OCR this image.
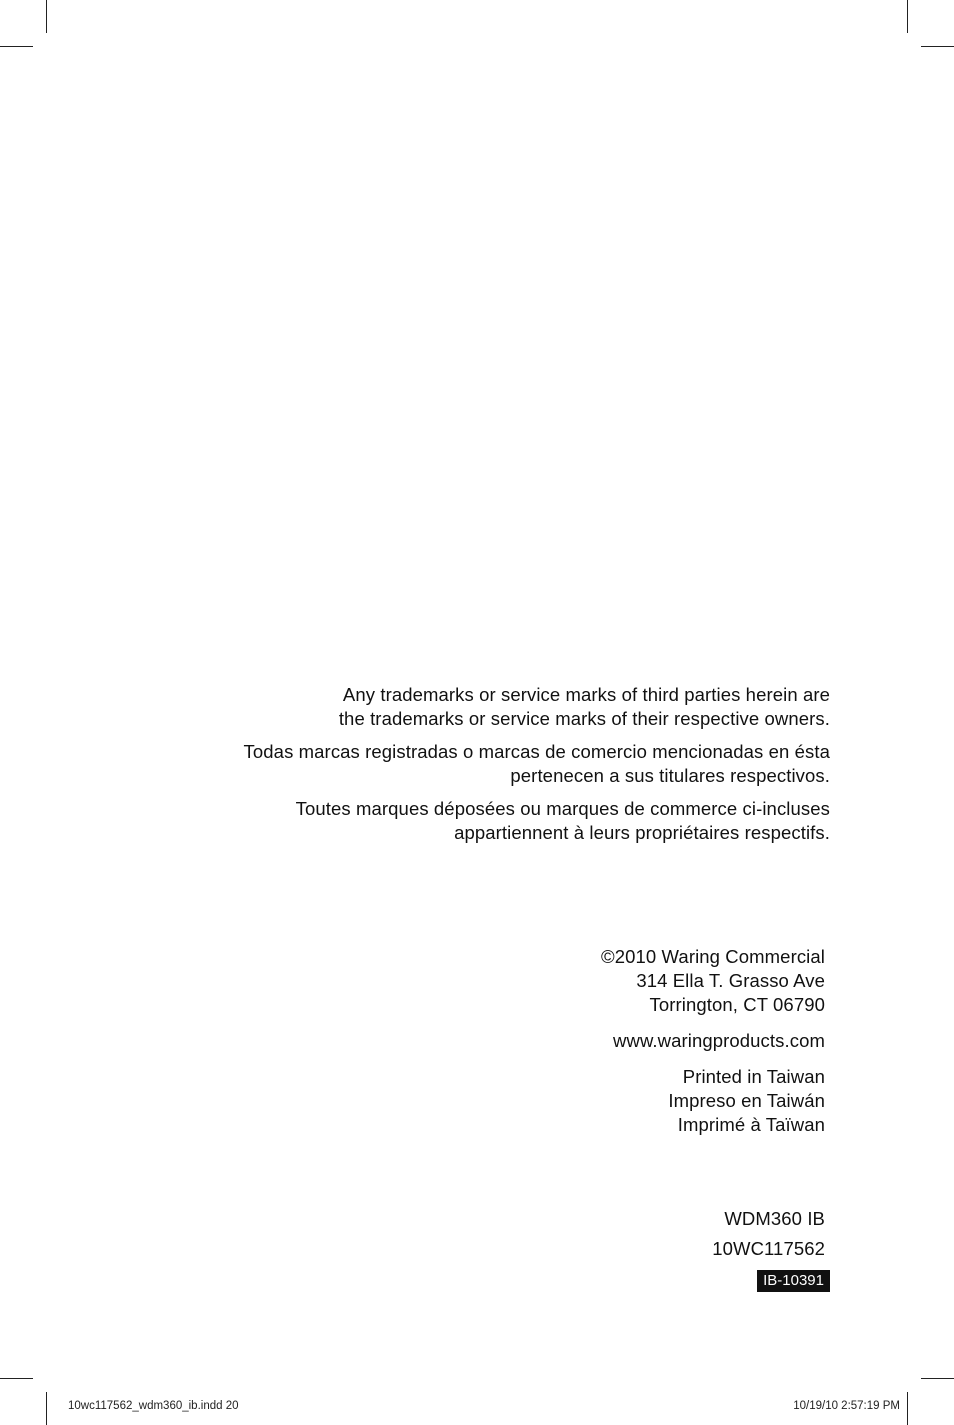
Any trademarks or service marks of third parties herein are

the trademarks or service marks of their respective owners.

Todas marcas registradas o marcas de comercio mencionadas en ésta

pertenecen a sus titulares respectivos.

Toutes marques déposées ou marques de commerce ci-incluses

appartiennent à leurs propriétaires respectifs.

©2010 Waring Commercial

314 Ella T. Grasso Ave

Torrington, CT 06790

www.waringproducts.com

Printed in Taiwan

Impreso en Taiwán

Imprimé à Taïwan

WDM360 IB

10WC117562

IB-10391
10wc117562_wdm360_ib.indd 20	10/19/10 2:57:19 PM
